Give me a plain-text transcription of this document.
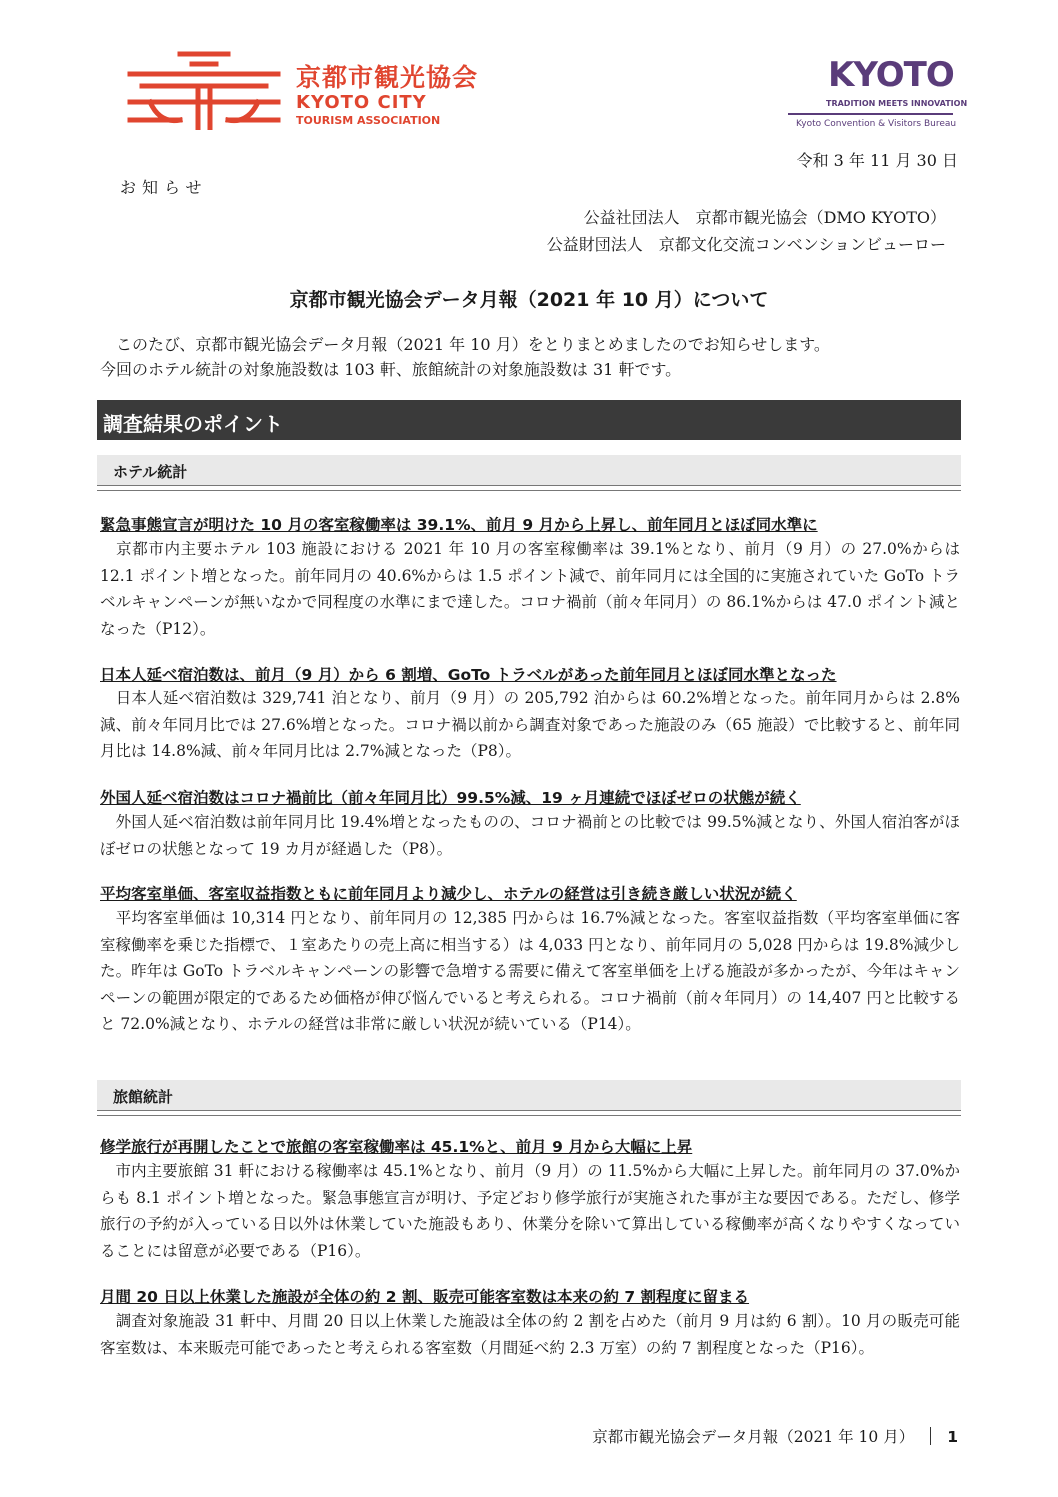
京都市観光協会
KYOTO CITY
TOURISM ASSOCIATION
KYOTO
TRADITION MEETS INNOVATION
Kyoto Convention & Visitors Bureau
令和 3 年 11 月 30 日
お知らせ
公益社団法人　京都市観光協会（DMO KYOTO）
公益財団法人　京都文化交流コンベンションビューロー
京都市観光協会データ月報（2021 年 10 月）について

　このたび、京都市観光協会データ月報（2021 年 10 月）をとりまとめましたのでお知らせします。

今回のホテル統計の対象施設数は 103 軒、旅館統計の対象施設数は 31 軒です。

調査結果のポイント
ホテル統計
緊急事態宣言が明けた 10 月の客室稼働率は 39.1%、前月 9 月から上昇し、前年同月とほぼ同水準に
　京都市内主要ホテル 103 施設における 2021 年 10 月の客室稼働率は 39.1%となり、前月（9 月）の 27.0%からは 12.1 ポイント増となった。前年同月の 40.6%からは 1.5 ポイント減で、前年同月には全国的に実施されていた GoTo トラベルキャンペーンが無いなかで同程度の水準にまで達した。コロナ禍前（前々年同月）の 86.1%からは 47.0 ポイント減となった（P12）。
日本人延べ宿泊数は、前月（9 月）から 6 割増、GoTo トラベルがあった前年同月とほぼ同水準となった
　日本人延べ宿泊数は 329,741 泊となり、前月（9 月）の 205,792 泊からは 60.2%増となった。前年同月からは 2.8%減、前々年同月比では 27.6%増となった。コロナ禍以前から調査対象であった施設のみ（65 施設）で比較すると、前年同月比は 14.8%減、前々年同月比は 2.7%減となった（P8）。
外国人延べ宿泊数はコロナ禍前比（前々年同月比）99.5%減、19 ヶ月連続でほぼゼロの状態が続く
　外国人延べ宿泊数は前年同月比 19.4%増となったものの、コロナ禍前との比較では 99.5%減となり、外国人宿泊客がほぼゼロの状態となって 19 カ月が経過した（P8）。
平均客室単価、客室収益指数ともに前年同月より減少し、ホテルの経営は引き続き厳しい状況が続く
　平均客室単価は 10,314 円となり、前年同月の 12,385 円からは 16.7%減となった。客室収益指数（平均客室単価に客室稼働率を乗じた指標で、１室あたりの売上高に相当する）は 4,033 円となり、前年同月の 5,028 円からは 19.8%減少した。昨年は GoTo トラベルキャンペーンの影響で急増する需要に備えて客室単価を上げる施設が多かったが、今年はキャンペーンの範囲が限定的であるため価格が伸び悩んでいると考えられる。コロナ禍前（前々年同月）の 14,407 円と比較すると 72.0%減となり、ホテルの経営は非常に厳しい状況が続いている（P14）。
旅館統計
修学旅行が再開したことで旅館の客室稼働率は 45.1%と、前月 9 月から大幅に上昇
　市内主要旅館 31 軒における稼働率は 45.1%となり、前月（9 月）の 11.5%から大幅に上昇した。前年同月の 37.0%からも 8.1 ポイント増となった。緊急事態宣言が明け、予定どおり修学旅行が実施された事が主な要因である。ただし、修学旅行の予約が入っている日以外は休業していた施設もあり、休業分を除いて算出している稼働率が高くなりやすくなっていることには留意が必要である（P16）。
月間 20 日以上休業した施設が全体の約 2 割、販売可能客室数は本来の約 7 割程度に留まる
　調査対象施設 31 軒中、月間 20 日以上休業した施設は全体の約 2 割を占めた（前月 9 月は約 6 割）。10 月の販売可能客室数は、本来販売可能であったと考えられる客室数（月間延べ約 2.3 万室）の約 7 割程度となった（P16）。
京都市観光協会データ月報（2021 年 10 月） 1
